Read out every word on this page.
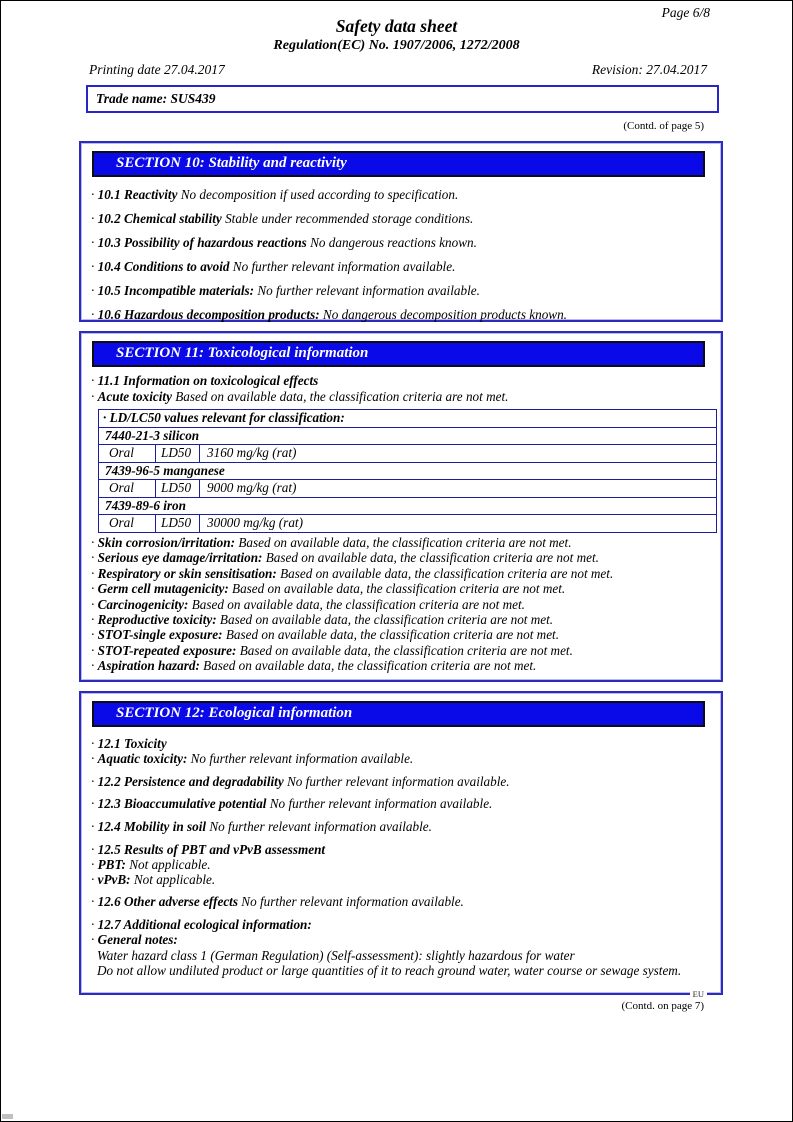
Page 6/8
Safety data sheet
Regulation(EC) No. 1907/2006, 1272/2008
Printing date 27.04.2017	Revision: 27.04.2017
Trade name: SUS439
(Contd. of page 5)
SECTION 10: Stability and reactivity
· 10.1 Reactivity No decomposition if used according to specification.
· 10.2 Chemical stability Stable under recommended storage conditions.
· 10.3 Possibility of hazardous reactions No dangerous reactions known.
· 10.4 Conditions to avoid No further relevant information available.
· 10.5 Incompatible materials: No further relevant information available.
· 10.6 Hazardous decomposition products: No dangerous decomposition products known.
SECTION 11: Toxicological information
· 11.1 Information on toxicological effects
· Acute toxicity Based on available data, the classification criteria are not met.
· LD/LC50 values relevant for classification:
7440-21-3 silicon
Oral	LD50	3160 mg/kg (rat)
7439-96-5 manganese
Oral	LD50	9000 mg/kg (rat)
7439-89-6 iron
Oral	LD50	30000 mg/kg (rat)
· Skin corrosion/irritation: Based on available data, the classification criteria are not met.
· Serious eye damage/irritation: Based on available data, the classification criteria are not met.
· Respiratory or skin sensitisation: Based on available data, the classification criteria are not met.
· Germ cell mutagenicity: Based on available data, the classification criteria are not met.
· Carcinogenicity: Based on available data, the classification criteria are not met.
· Reproductive toxicity: Based on available data, the classification criteria are not met.
· STOT-single exposure: Based on available data, the classification criteria are not met.
· STOT-repeated exposure: Based on available data, the classification criteria are not met.
· Aspiration hazard: Based on available data, the classification criteria are not met.
SECTION 12: Ecological information
· 12.1 Toxicity
· Aquatic toxicity: No further relevant information available.
· 12.2 Persistence and degradability No further relevant information available.
· 12.3 Bioaccumulative potential No further relevant information available.
· 12.4 Mobility in soil No further relevant information available.
· 12.5 Results of PBT and vPvB assessment
· PBT: Not applicable.
· vPvB: Not applicable.
· 12.6 Other adverse effects No further relevant information available.
· 12.7 Additional ecological information:
· General notes:
Water hazard class 1 (German Regulation) (Self-assessment): slightly hazardous for water
Do not allow undiluted product or large quantities of it to reach ground water, water course or sewage system.
EU
(Contd. on page 7)
